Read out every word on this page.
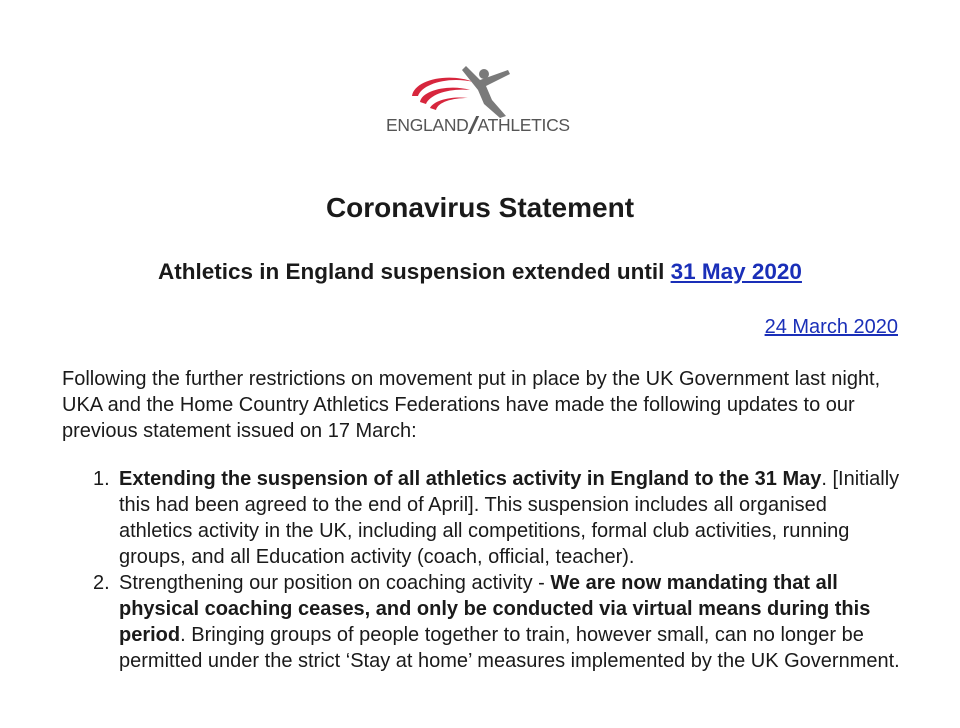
ENGLAND ATHLETICS
Coronavirus Statement
Athletics in England suspension extended until 31 May 2020
24 March 2020
Following the further restrictions on movement put in place by the UK Government last night, UKA and the Home Country Athletics Federations have made the following updates to our previous statement issued on 17 March:
1. Extending the suspension of all athletics activity in England to the 31 May. [Initially this had been agreed to the end of April]. This suspension includes all organised athletics activity in the UK, including all competitions, formal club activities, running groups, and all Education activity (coach, official, teacher).
2. Strengthening our position on coaching activity - We are now mandating that all physical coaching ceases, and only be conducted via virtual means during this period. Bringing groups of people together to train, however small, can no longer be permitted under the strict ‘Stay at home’ measures implemented by the UK Government.
